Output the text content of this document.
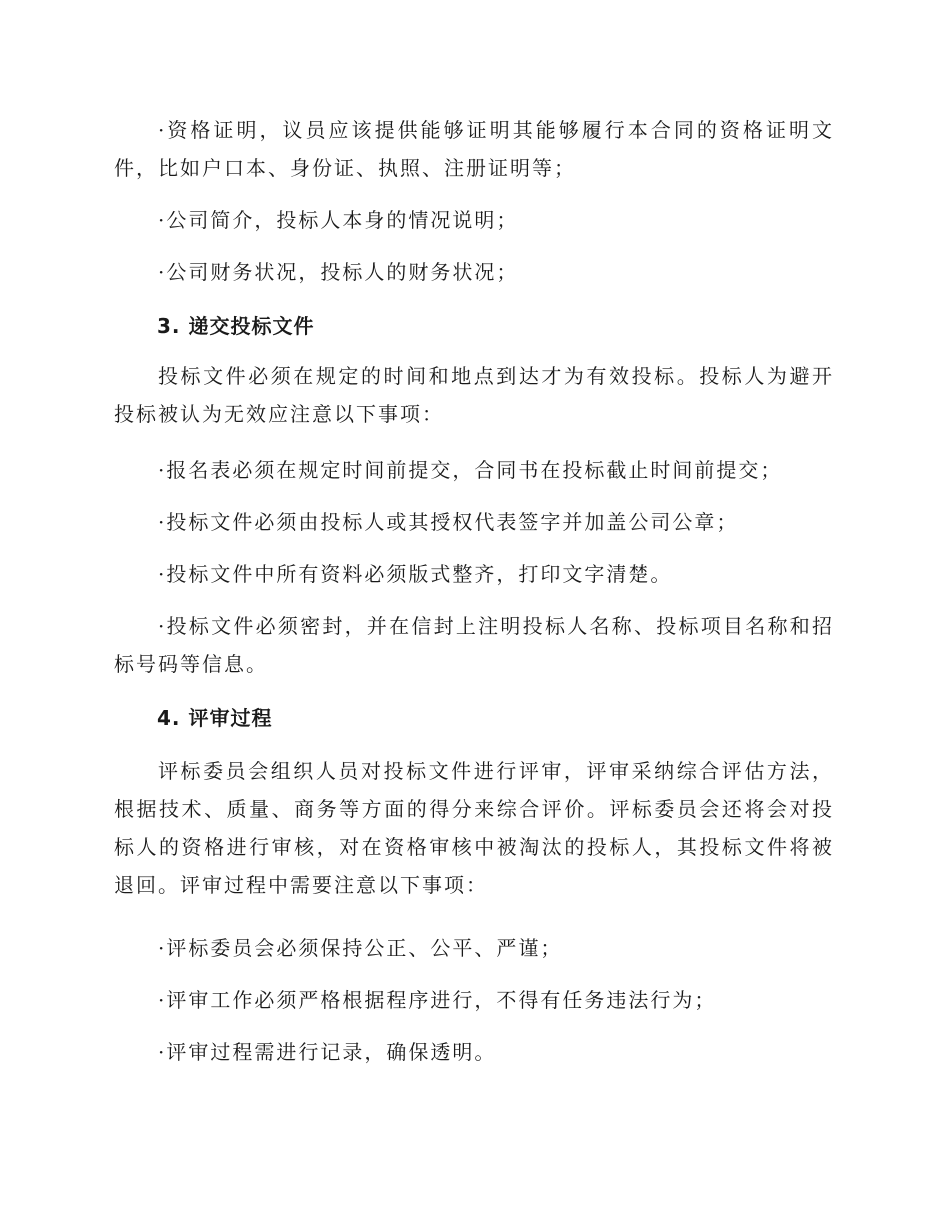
·资格证明，议员应该提供能够证明其能够履行本合同的资格证明文件，比如户口本、身份证、执照、注册证明等；

·公司简介，投标人本身的情况说明；

·公司财务状况，投标人的财务状况；

3. 递交投标文件

投标文件必须在规定的时间和地点到达才为有效投标。投标人为避开投标被认为无效应注意以下事项：

·报名表必须在规定时间前提交，合同书在投标截止时间前提交；

·投标文件必须由投标人或其授权代表签字并加盖公司公章；

·投标文件中所有资料必须版式整齐，打印文字清楚。

·投标文件必须密封，并在信封上注明投标人名称、投标项目名称和招标号码等信息。

4. 评审过程

评标委员会组织人员对投标文件进行评审，评审采纳综合评估方法，根据技术、质量、商务等方面的得分来综合评价。评标委员会还将会对投标人的资格进行审核，对在资格审核中被淘汰的投标人，其投标文件将被退回。评审过程中需要注意以下事项：

·评标委员会必须保持公正、公平、严谨；

·评审工作必须严格根据程序进行，不得有任务违法行为；

·评审过程需进行记录，确保透明。
